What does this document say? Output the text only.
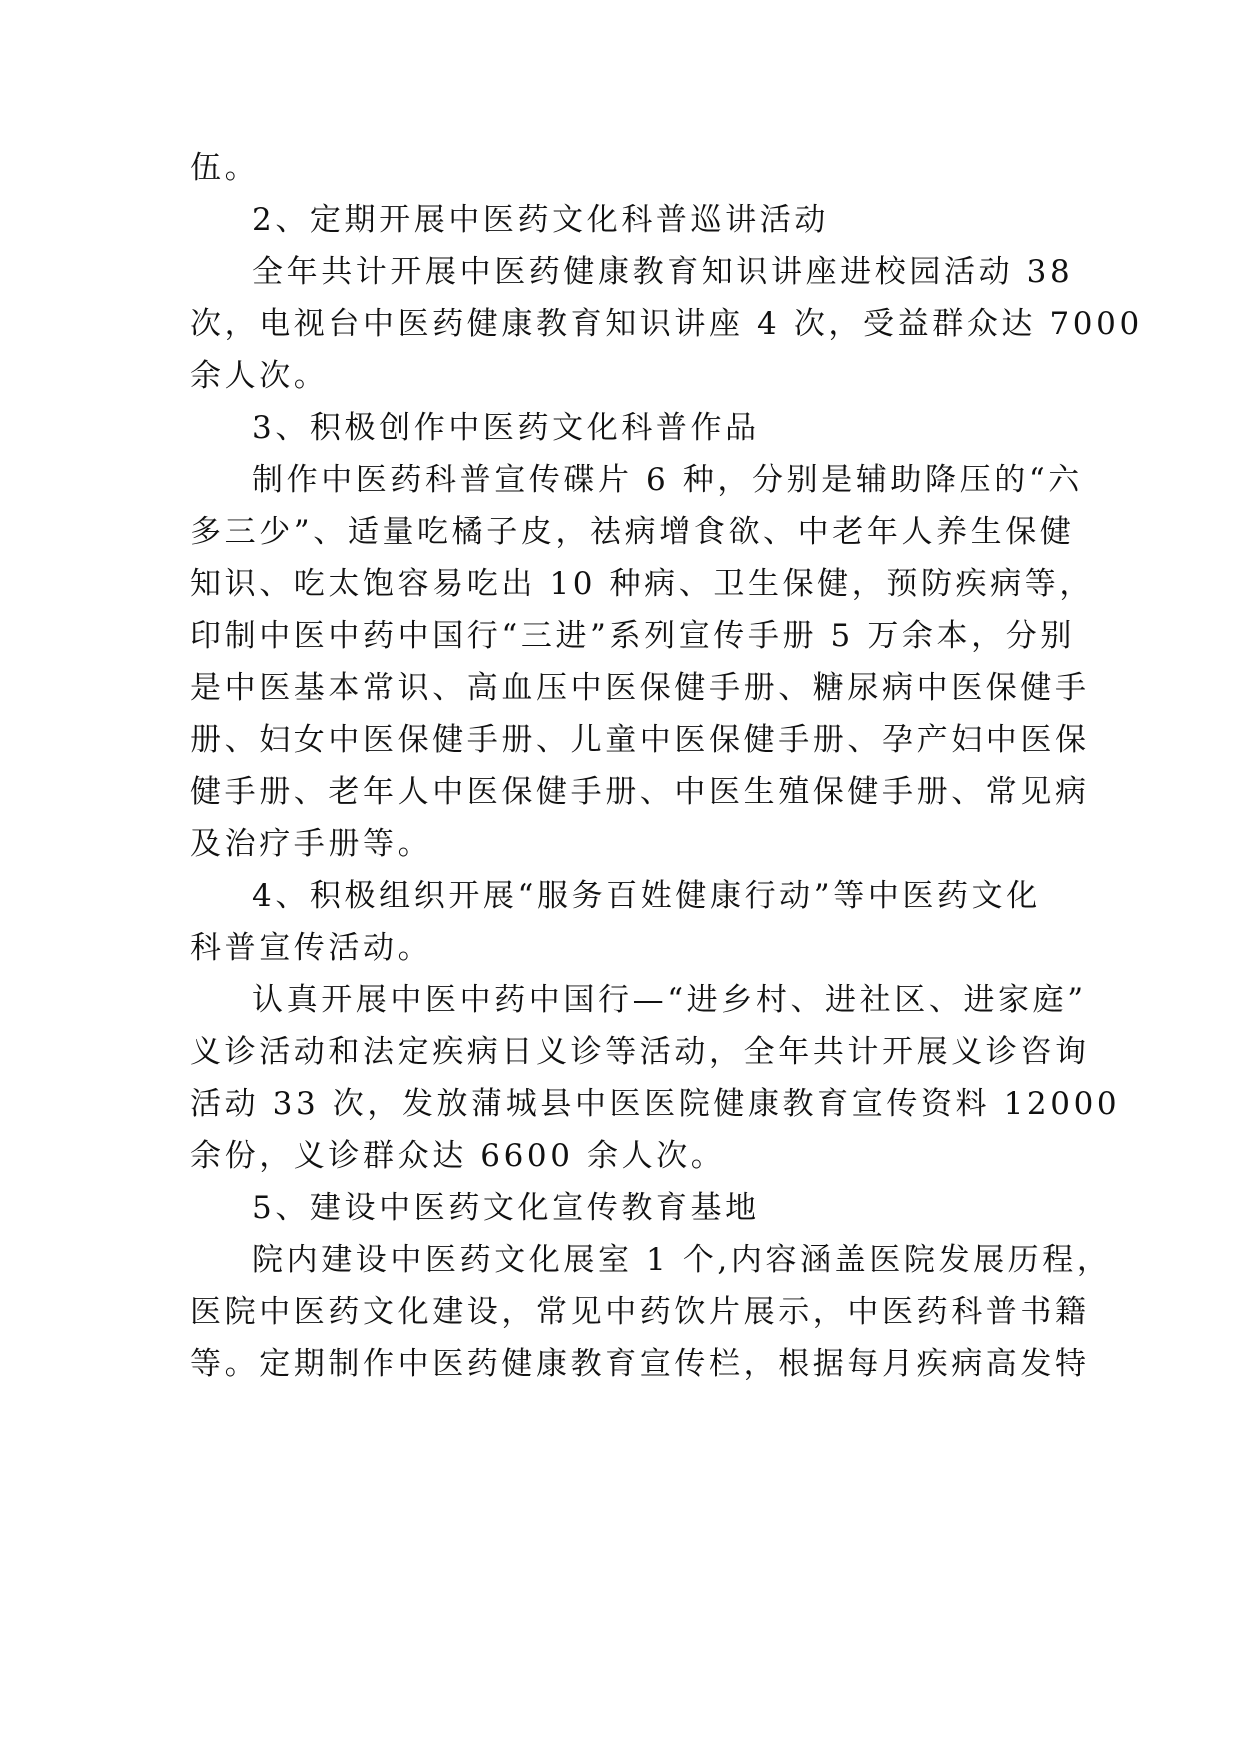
伍。
2、定期开展中医药文化科普巡讲活动
全年共计开展中医药健康教育知识讲座进校园活动 38
次，电视台中医药健康教育知识讲座 4 次，受益群众达 7000
余人次。
3、积极创作中医药文化科普作品
制作中医药科普宣传碟片 6 种，分别是辅助降压的“六
多三少”、适量吃橘子皮，祛病增食欲、中老年人养生保健
知识、吃太饱容易吃出 10 种病、卫生保健，预防疾病等，
印制中医中药中国行“三进”系列宣传手册 5 万余本，分别
是中医基本常识、高血压中医保健手册、糖尿病中医保健手
册、妇女中医保健手册、儿童中医保健手册、孕产妇中医保
健手册、老年人中医保健手册、中医生殖保健手册、常见病
及治疗手册等。
4、积极组织开展“服务百姓健康行动”等中医药文化
科普宣传活动。
认真开展中医中药中国行—“进乡村、进社区、进家庭”
义诊活动和法定疾病日义诊等活动，全年共计开展义诊咨询
活动 33 次，发放蒲城县中医医院健康教育宣传资料 12000
余份，义诊群众达 6600 余人次。
5、建设中医药文化宣传教育基地
院内建设中医药文化展室 1 个,内容涵盖医院发展历程，
医院中医药文化建设，常见中药饮片展示，中医药科普书籍
等。定期制作中医药健康教育宣传栏，根据每月疾病高发特
